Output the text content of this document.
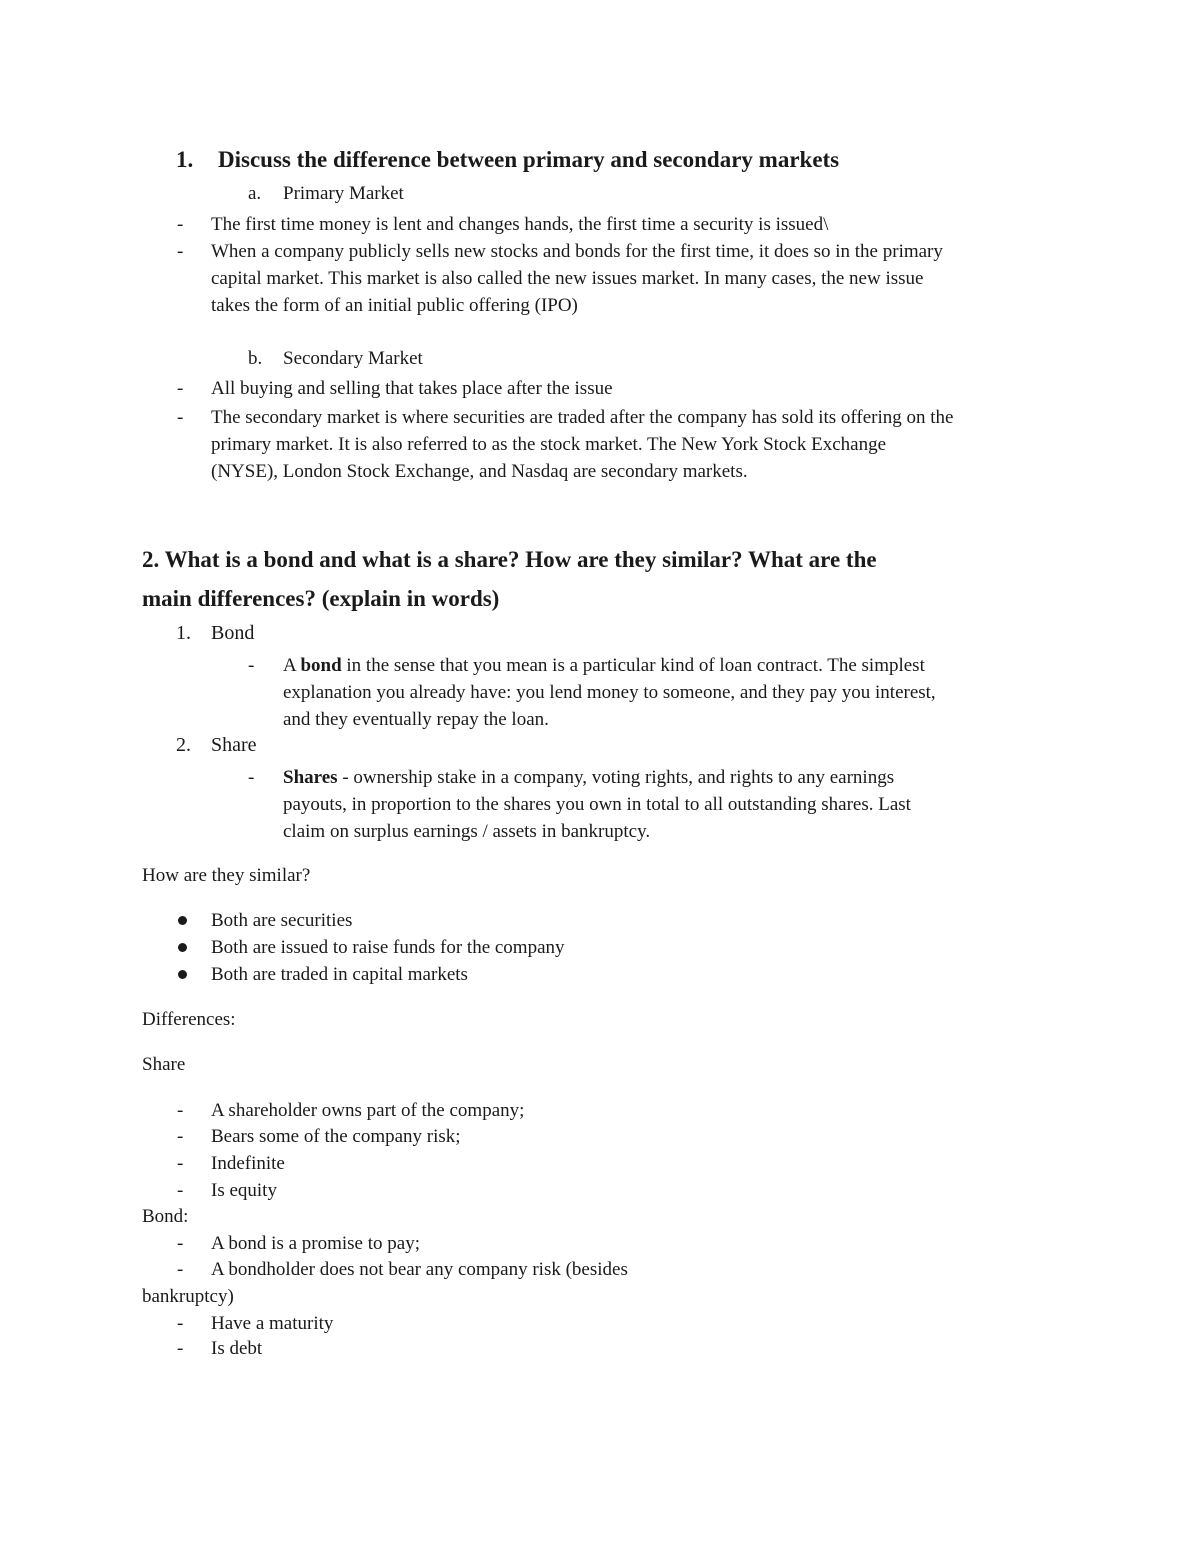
1. Discuss the difference between primary and secondary markets
a. Primary Market
- The first time money is lent and changes hands, the first time a security is issued\
- When a company publicly sells new stocks and bonds for the first time, it does so in the primary
capital market. This market is also called the new issues market. In many cases, the new issue
takes the form of an initial public offering (IPO)
b. Secondary Market
- All buying and selling that takes place after the issue
- The secondary market is where securities are traded after the company has sold its offering on the
primary market. It is also referred to as the stock market. The New York Stock Exchange
(NYSE), London Stock Exchange, and Nasdaq are secondary markets.
2. What is a bond and what is a share? How are they similar? What are the
main differences? (explain in words)
1. Bond
- A bond in the sense that you mean is a particular kind of loan contract. The simplest
explanation you already have: you lend money to someone, and they pay you interest,
and they eventually repay the loan.
2. Share
- Shares - ownership stake in a company, voting rights, and rights to any earnings
payouts, in proportion to the shares you own in total to all outstanding shares. Last
claim on surplus earnings / assets in bankruptcy.
How are they similar?
Both are securities
Both are issued to raise funds for the company
Both are traded in capital markets
Differences:
Share
- A shareholder owns part of the company;
- Bears some of the company risk;
- Indefinite
- Is equity
Bond:
- A bond is a promise to pay;
- A bondholder does not bear any company risk (besides
bankruptcy)
- Have a maturity
- Is debt
